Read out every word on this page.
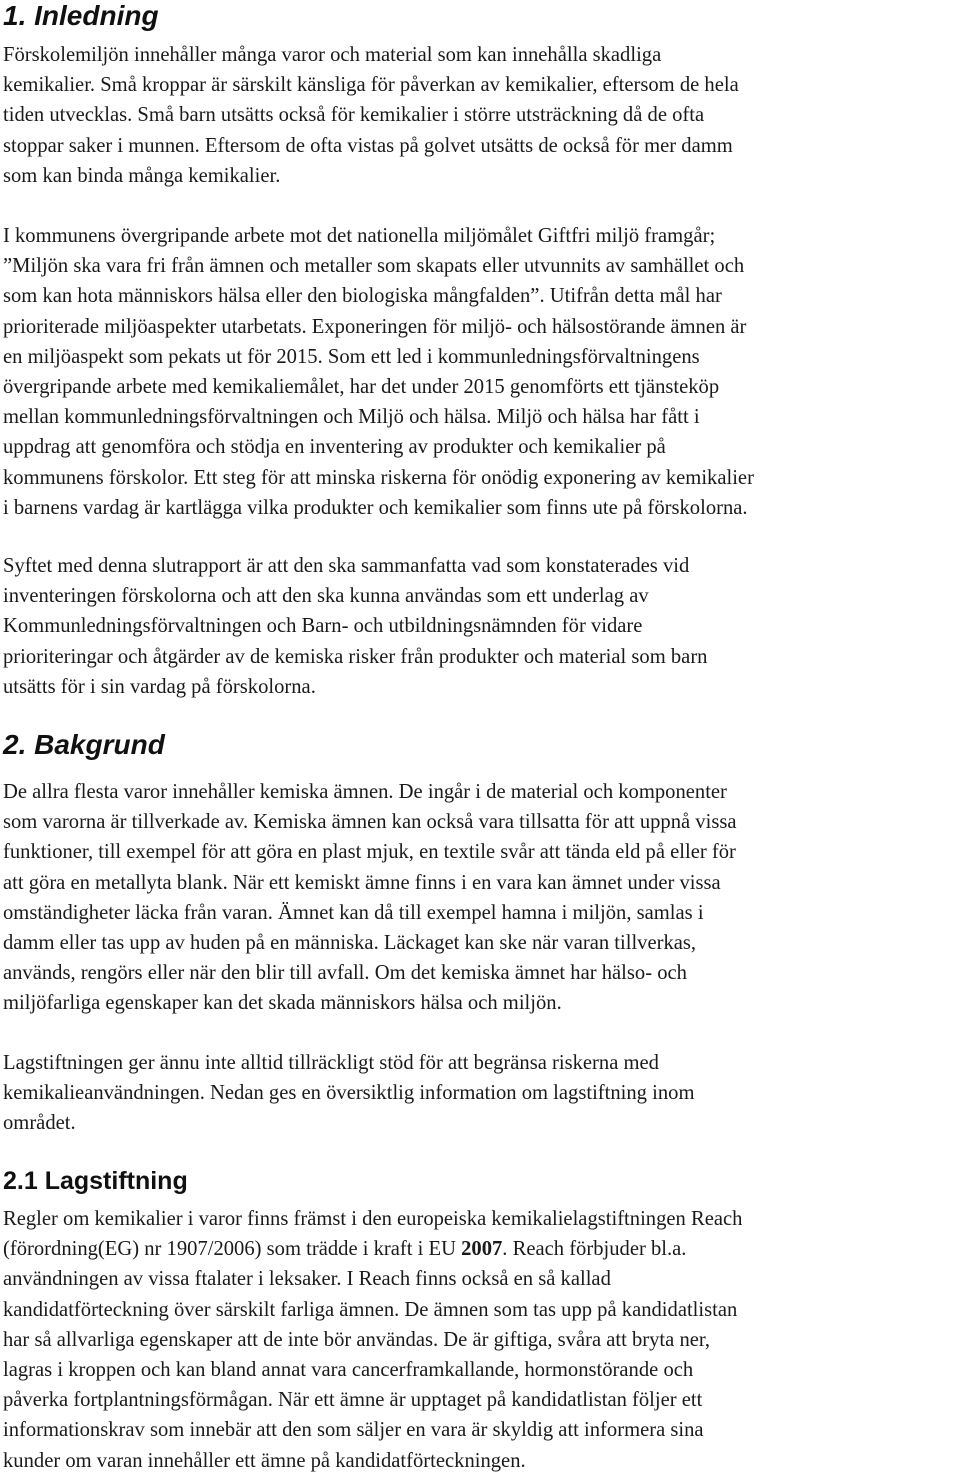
1. Inledning

Förskolemiljön innehåller många varor och material som kan innehålla skadliga
kemikalier. Små kroppar är särskilt känsliga för påverkan av kemikalier, eftersom de hela
tiden utvecklas. Små barn utsätts också för kemikalier i större utsträckning då de ofta
stoppar saker i munnen. Eftersom de ofta vistas på golvet utsätts de också för mer damm
som kan binda många kemikalier.

I kommunens övergripande arbete mot det nationella miljömålet Giftfri miljö framgår;
”Miljön ska vara fri från ämnen och metaller som skapats eller utvunnits av samhället och
som kan hota människors hälsa eller den biologiska mångfalden”. Utifrån detta mål har
prioriterade miljöaspekter utarbetats. Exponeringen för miljö- och hälsostörande ämnen är
en miljöaspekt som pekats ut för 2015. Som ett led i kommunledningsförvaltningens
övergripande arbete med kemikaliemålet, har det under 2015 genomförts ett tjänsteköp
mellan kommunledningsförvaltningen och Miljö och hälsa. Miljö och hälsa har fått i
uppdrag att genomföra och stödja en inventering av produkter och kemikalier på
kommunens förskolor. Ett steg för att minska riskerna för onödig exponering av kemikalier
i barnens vardag är kartlägga vilka produkter och kemikalier som finns ute på förskolorna.

Syftet med denna slutrapport är att den ska sammanfatta vad som konstaterades vid
inventeringen förskolorna och att den ska kunna användas som ett underlag av
Kommunledningsförvaltningen och Barn- och utbildningsnämnden för vidare
prioriteringar och åtgärder av de kemiska risker från produkter och material som barn
utsätts för i sin vardag på förskolorna.

2. Bakgrund

De allra flesta varor innehåller kemiska ämnen. De ingår i de material och komponenter
som varorna är tillverkade av. Kemiska ämnen kan också vara tillsatta för att uppnå vissa
funktioner, till exempel för att göra en plast mjuk, en textile svår att tända eld på eller för
att göra en metallyta blank. När ett kemiskt ämne finns i en vara kan ämnet under vissa
omständigheter läcka från varan. Ämnet kan då till exempel hamna i miljön, samlas i
damm eller tas upp av huden på en människa. Läckaget kan ske när varan tillverkas,
används, rengörs eller när den blir till avfall. Om det kemiska ämnet har hälso- och
miljöfarliga egenskaper kan det skada människors hälsa och miljön.

Lagstiftningen ger ännu inte alltid tillräckligt stöd för att begränsa riskerna med
kemikalieanvändningen. Nedan ges en översiktlig information om lagstiftning inom
området.

2.1 Lagstiftning

Regler om kemikalier i varor finns främst i den europeiska kemikalielagstiftningen Reach
(förordning(EG) nr 1907/2006) som trädde i kraft i EU 2007. Reach förbjuder bl.a.
användningen av vissa ftalater i leksaker. I Reach finns också en så kallad
kandidatförteckning över särskilt farliga ämnen. De ämnen som tas upp på kandidatlistan
har så allvarliga egenskaper att de inte bör användas. De är giftiga, svåra att bryta ner,
lagras i kroppen och kan bland annat vara cancerframkallande, hormonstörande och
påverka fortplantningsförmågan. När ett ämne är upptaget på kandidatlistan följer ett
informationskrav som innebär att den som säljer en vara är skyldig att informera sina
kunder om varan innehåller ett ämne på kandidatförteckningen.
